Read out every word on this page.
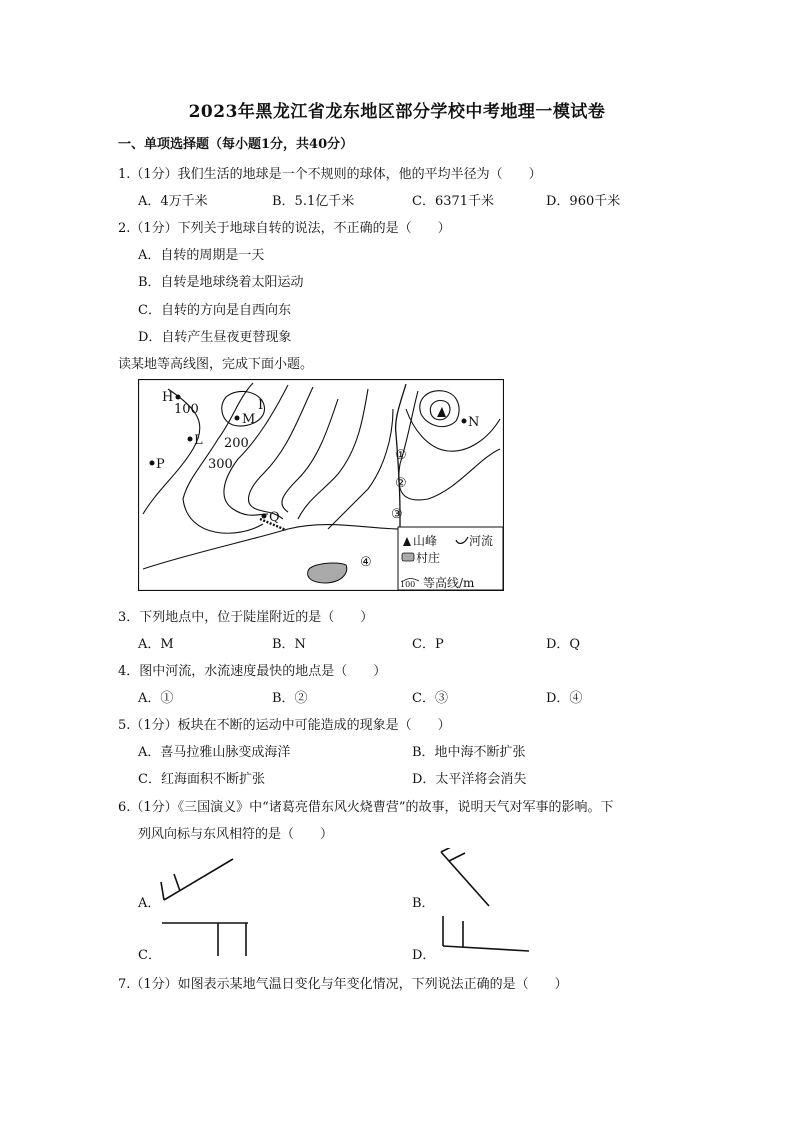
2023年黑龙江省龙东地区部分学校中考地理一模试卷
一、单项选择题（每小题1分，共40分）
1.（1分）我们生活的地球是一个不规则的球体，他的平均半径为（　　）
A．4万千米	B．5.1亿千米	C．6371千米	D．960千米
2.（1分）下列关于地球自转的说法，不正确的是（　　）
A．自转的周期是一天
B．自转是地球绕着太阳运动
C．自转的方向是自西向东
D．自转产生昼夜更替现象
读某地等高线图，完成下面小题。
H
M
I
L
P
Q
N
100
200
300
①
②
③
④
山峰	河流
村庄
100 等高线/m
3．下列地点中，位于陡崖附近的是（　　）
A．M	B．N	C．P	D．Q
4．图中河流，水流速度最快的地点是（　　）
A．①	B．②	C．③	D．④
5.（1分）板块在不断的运动中可能造成的现象是（　　）
A．喜马拉雅山脉变成海洋	B．地中海不断扩张
C．红海面积不断扩张	D．太平洋将会消失
6.（1分）《三国演义》中“诸葛亮借东风火烧曹营”的故事，说明天气对军事的影响。下
列风向标与东风相符的是（　　）
A．	B．
C．	D．
7.（1分）如图表示某地气温日变化与年变化情况，下列说法正确的是（　　）
